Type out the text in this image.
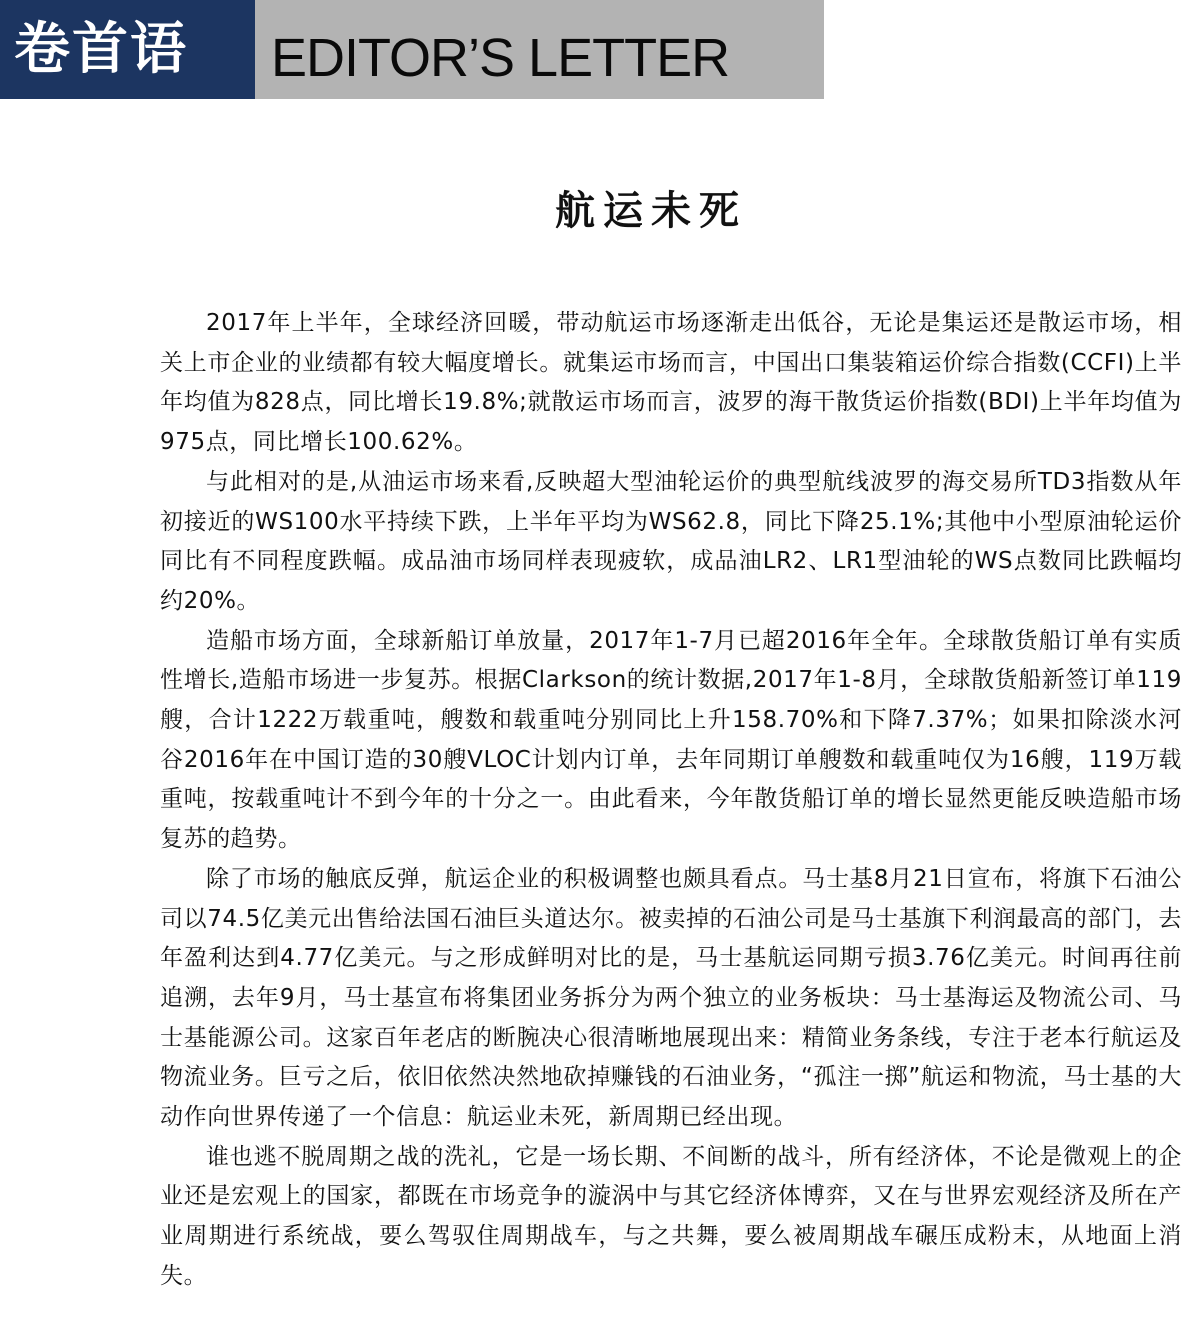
卷首语	EDITOR’S LETTER
航运未死

2017年上半年，全球经济回暖，带动航运市场逐渐走出低谷，无论是集运还是散运市场，相关上市企业的业绩都有较大幅度增长。就集运市场而言，中国出口集装箱运价综合指数(CCFI)上半年均值为828点，同比增长19.8%;就散运市场而言，波罗的海干散货运价指数(BDI)上半年均值为975点，同比增长100.62%。

与此相对的是,从油运市场来看,反映超大型油轮运价的典型航线波罗的海交易所TD3指数从年初接近的WS100水平持续下跌，上半年平均为WS62.8，同比下降25.1%;其他中小型原油轮运价同比有不同程度跌幅。成品油市场同样表现疲软，成品油LR2、LR1型油轮的WS点数同比跌幅均约20%。

造船市场方面，全球新船订单放量，2017年1-7月已超2016年全年。全球散货船订单有实质性增长,造船市场进一步复苏。根据Clarkson的统计数据,2017年1-8月，全球散货船新签订单119艘，合计1222万载重吨，艘数和载重吨分别同比上升158.70%和下降7.37%；如果扣除淡水河谷2016年在中国订造的30艘VLOC计划内订单，去年同期订单艘数和载重吨仅为16艘，119万载重吨，按载重吨计不到今年的十分之一。由此看来，今年散货船订单的增长显然更能反映造船市场复苏的趋势。

除了市场的触底反弹，航运企业的积极调整也颇具看点。马士基8月21日宣布，将旗下石油公司以74.5亿美元出售给法国石油巨头道达尔。被卖掉的石油公司是马士基旗下利润最高的部门，去年盈利达到4.77亿美元。与之形成鲜明对比的是，马士基航运同期亏损3.76亿美元。时间再往前追溯，去年9月，马士基宣布将集团业务拆分为两个独立的业务板块：马士基海运及物流公司、马士基能源公司。这家百年老店的断腕决心很清晰地展现出来：精简业务条线，专注于老本行航运及物流业务。巨亏之后，依旧依然决然地砍掉赚钱的石油业务，“孤注一掷”航运和物流，马士基的大动作向世界传递了一个信息：航运业未死，新周期已经出现。

谁也逃不脱周期之战的洗礼，它是一场长期、不间断的战斗，所有经济体，不论是微观上的企业还是宏观上的国家，都既在市场竞争的漩涡中与其它经济体博弈，又在与世界宏观经济及所在产业周期进行系统战，要么驾驭住周期战车，与之共舞，要么被周期战车碾压成粉末，从地面上消失。
